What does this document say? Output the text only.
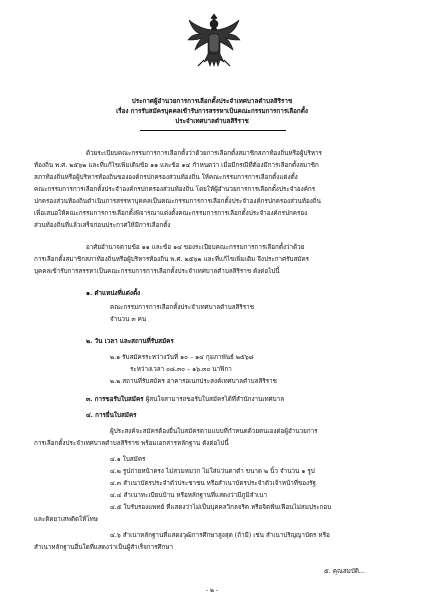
ประกาศผู้อำนวยการการเลือกตั้งประจำเทศบาลตำบลสิริราช
เรื่อง การรับสมัครบุคคลเข้ารับการสรรหาเป็นคณะกรรมการการเลือกตั้ง
ประจำเทศบาลตำบลสิริราช
ด้วยระเบียบคณะกรรมการการเลือกตั้งว่าด้วยการเลือกตั้งสมาชิกสภาท้องถิ่นหรือผู้บริหาร
ท้องถิ่น พ.ศ. ๒๕๖๒ และที่แก้ไขเพิ่มเติมข้อ ๑๑ และข้อ ๑๔ กำหนดว่า เมื่อมีกรณีที่ต้องมีการเลือกตั้งสมาชิก
สภาท้องถิ่นหรือผู้บริหารท้องถิ่นขององค์กรปกครองส่วนท้องถิ่น ให้คณะกรรมการการเลือกตั้งแต่งตั้ง
คณะกรรมการการเลือกตั้งประจำองค์กรปกครองส่วนท้องถิ่น โดยให้ผู้อำนวยการการเลือกตั้งประจำองค์กร
ปกครองส่วนท้องถิ่นดำเนินการสรรหาบุคคลเป็นคณะกรรมการการเลือกตั้งประจำองค์กรปกครองส่วนท้องถิ่น
เพื่อเสนอให้คณะกรรมการการเลือกตั้งพิจารณาแต่งตั้งคณะกรรมการการเลือกตั้งประจำองค์กรปกครอง
ส่วนท้องถิ่นที่แล้วเสร็จก่อนประกาศให้มีการเลือกตั้ง
อาศัยอำนาจตามข้อ ๑๑ และข้อ ๑๔ ของระเบียบคณะกรรมการการเลือกตั้งว่าด้วย
การเลือกตั้งสมาชิกสภาท้องถิ่นหรือผู้บริหารท้องถิ่น พ.ศ. ๒๕๖๒ และที่แก้ไขเพิ่มเติม จึงประกาศรับสมัคร
บุคคลเข้ารับการสรรหาเป็นคณะกรรมการการเลือกตั้งประจำเทศบาลตำบลสิริราช ดังต่อไปนี้
๑. ตำแหน่งที่แต่งตั้ง
คณะกรรมการการเลือกตั้งประจำเทศบาลตำบลสิริราช
จำนวน ๓ คน
๒. วัน เวลา และสถานที่รับสมัคร
๒.๑ รับสมัครระหว่างวันที่ ๑๐ – ๑๔ กุมภาพันธ์ ๒๕๖๘
ระหว่างเวลา ๐๘.๓๐ – ๑๖.๓๐ นาฬิกา
๒.๒ สถานที่รับสมัคร อาคารอเนกประสงค์เทศบาลตำบลสิริราช
๓. การขอรับใบสมัคร ผู้สนใจสามารถขอรับใบสมัครได้ที่สำนักงานเทศบาล
๔. การยื่นใบสมัคร
ผู้ประสงค์จะสมัครต้องยื่นใบสมัครตามแบบที่กำหนดด้วยตนเองต่อผู้อำนวยการ
การเลือกตั้งประจำเทศบาลตำบลสิริราช พร้อมเอกสารหลักฐาน ดังต่อไปนี้
๔.๑ ใบสมัคร
๔.๒ รูปถ่ายหน้าตรง ไม่สวมหมวก ไม่ใส่แว่นตาดำ ขนาด ๒ นิ้ว จำนวน ๑ รูป
๔.๓ สำเนาบัตรประจำตัวประชาชน หรือสำเนาบัตรประจำตัวเจ้าหน้าที่ของรัฐ
๔.๔ สำเนาทะเบียนบ้าน หรือหลักฐานที่แสดงว่ามีภูมิลำเนา
๔.๕ ใบรับรองแพทย์ ที่แสดงว่าไม่เป็นบุคคลวิกลจริต หรือจิตฟั่นเฟือนไม่สมประกอบ
และติดยาเสพติดให้โทษ
๔.๖ สำเนาหลักฐานที่แสดงวุฒิการศึกษาสูงสุด (ถ้ามี) เช่น สำเนาปริญญาบัตร หรือ
สำเนาหลักฐานอื่นใดที่แสดงว่าเป็นผู้สำเร็จการศึกษา
๕. คุณสมบัติ...
- ๒ -
